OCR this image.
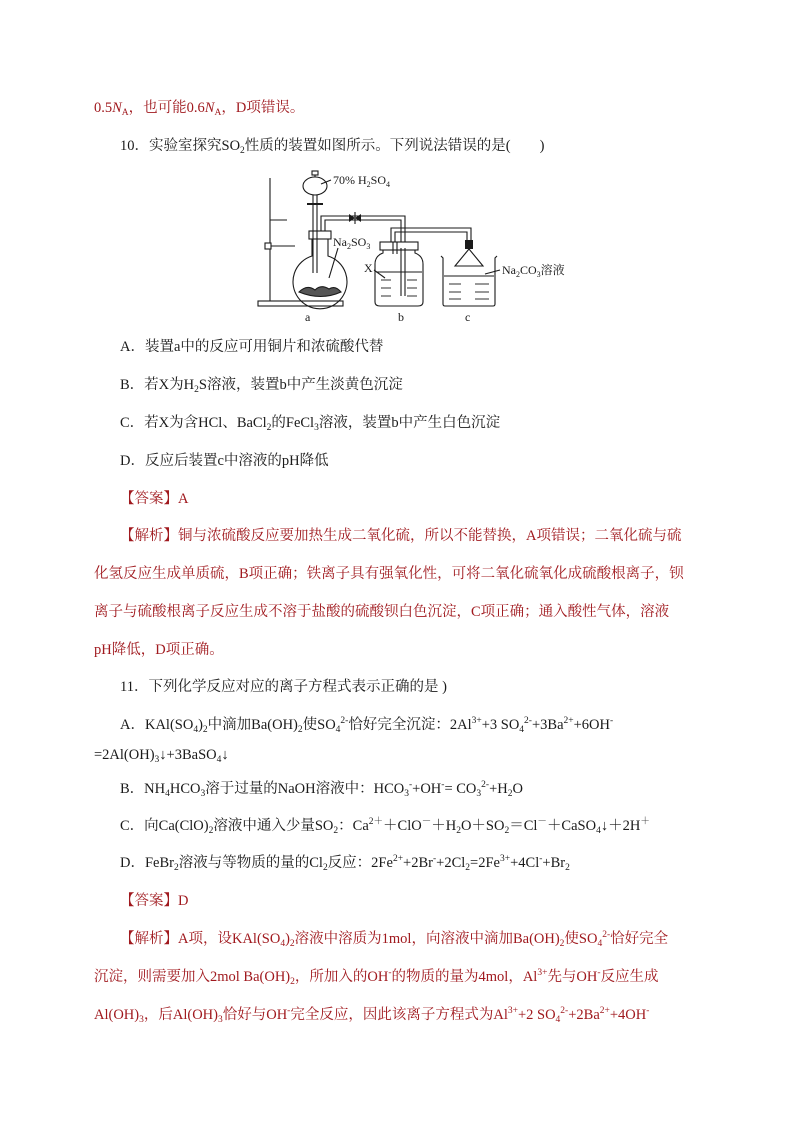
$0.5N_A$，也可能$0.6N_A$，D项错误。
10．实验室探究$SO_2$性质的装置如图所示。下列说法错误的是(　　)
70% $H_2SO_4$
$Na_2SO_3$
X	$Na_2CO_3$溶液
a	b	c
A．装置a中的反应可用铜片和浓硫酸代替
B．若X为$H_2S$溶液，装置b中产生淡黄色沉淀
C．若X为含HCl、BaCl$_2$的FeCl$_3$溶液，装置b中产生白色沉淀
D．反应后装置c中溶液的pH降低
【答案】A
【解析】铜与浓硫酸反应要加热生成二氧化硫，所以不能替换，A项错误；二氧化硫与硫
化氢反应生成单质硫，B项正确；铁离子具有强氧化性，可将二氧化硫氧化成硫酸根离子，钡
离子与硫酸根离子反应生成不溶于盐酸的硫酸钡白色沉淀，C项正确；通入酸性气体，溶液
pH降低，D项正确。
11．下列化学反应对应的离子方程式表示正确的是 )
A．$KAl(SO_4)_2$中滴加$Ba(OH)_2$使$SO_4^{2-}$恰好完全沉淀：$2Al^{3+}+3$ $SO_4^{2-}+3Ba^{2+}+6OH^-$
$=2Al(OH)_3↓+3BaSO_4↓$
B．$NH_4HCO_3$溶于过量的NaOH溶液中：$HCO_3^-+OH^-= CO_3^{2-}+H_2O$
C．向$Ca(ClO)_2$溶液中通入少量$SO_2$：$Ca^{2+}+ClO^-+H_2O+SO_2=Cl^-+CaSO_4↓+2H^+$
D．FeBr$_2$溶液与等物质的量的$Cl_2$反应：$2Fe^{2+}+2Br^-+2Cl_2=2Fe^{3+}+4Cl^-+Br_2$
【答案】D
【解析】A项，设$KAl(SO_4)_2$溶液中溶质为1mol，向溶液中滴加$Ba(OH)_2$使$SO_4^{2-}$恰好完全
沉淀，则需要加入2mol $Ba(OH)_2$，所加入的OH-的物质的量为4mol，$Al^{3+}$先与OH-反应生成
$Al(OH)_3$，后$Al(OH)_3$恰好与OH-完全反应，因此该离子方程式为$Al^{3+}+2$ $SO_4^{2-}+2Ba^{2+}+4OH^-$
